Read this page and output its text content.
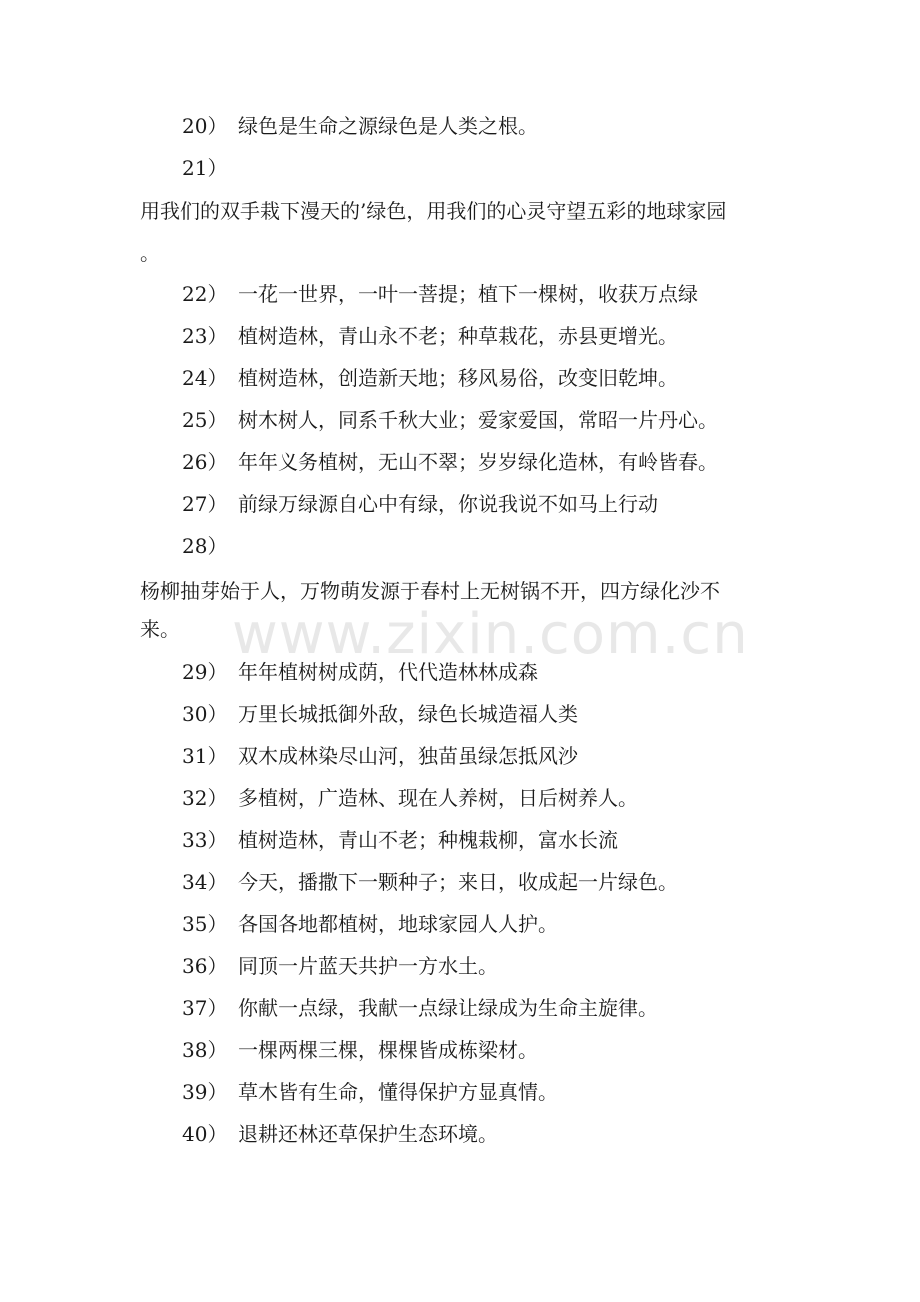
20） 绿色是生命之源绿色是人类之根。
21）
用我们的双手栽下漫天的’绿色，用我们的心灵守望五彩的地球家园
。
22） 一花一世界，一叶一菩提；植下一棵树，收获万点绿
23） 植树造林，青山永不老；种草栽花，赤县更增光。
24） 植树造林，创造新天地；移风易俗，改变旧乾坤。
25） 树木树人，同系千秋大业；爱家爱国，常昭一片丹心。
26） 年年义务植树，无山不翠；岁岁绿化造林，有岭皆春。
27） 前绿万绿源自心中有绿，你说我说不如马上行动
28）
杨柳抽芽始于人，万物萌发源于春村上无树锅不开，四方绿化沙不
来。
29） 年年植树树成荫，代代造林林成森
30） 万里长城抵御外敌，绿色长城造福人类
31） 双木成林染尽山河，独苗虽绿怎抵风沙
32） 多植树，广造林、现在人养树，日后树养人。
33） 植树造林，青山不老；种槐栽柳，富水长流
34） 今天，播撒下一颗种子；来日，收成起一片绿色。
35） 各国各地都植树，地球家园人人护。
36） 同顶一片蓝天共护一方水土。
37） 你献一点绿，我献一点绿让绿成为生命主旋律。
38） 一棵两棵三棵，棵棵皆成栋梁材。
39） 草木皆有生命，懂得保护方显真情。
40） 退耕还林还草保护生态环境。
www.zixin.com.cn
